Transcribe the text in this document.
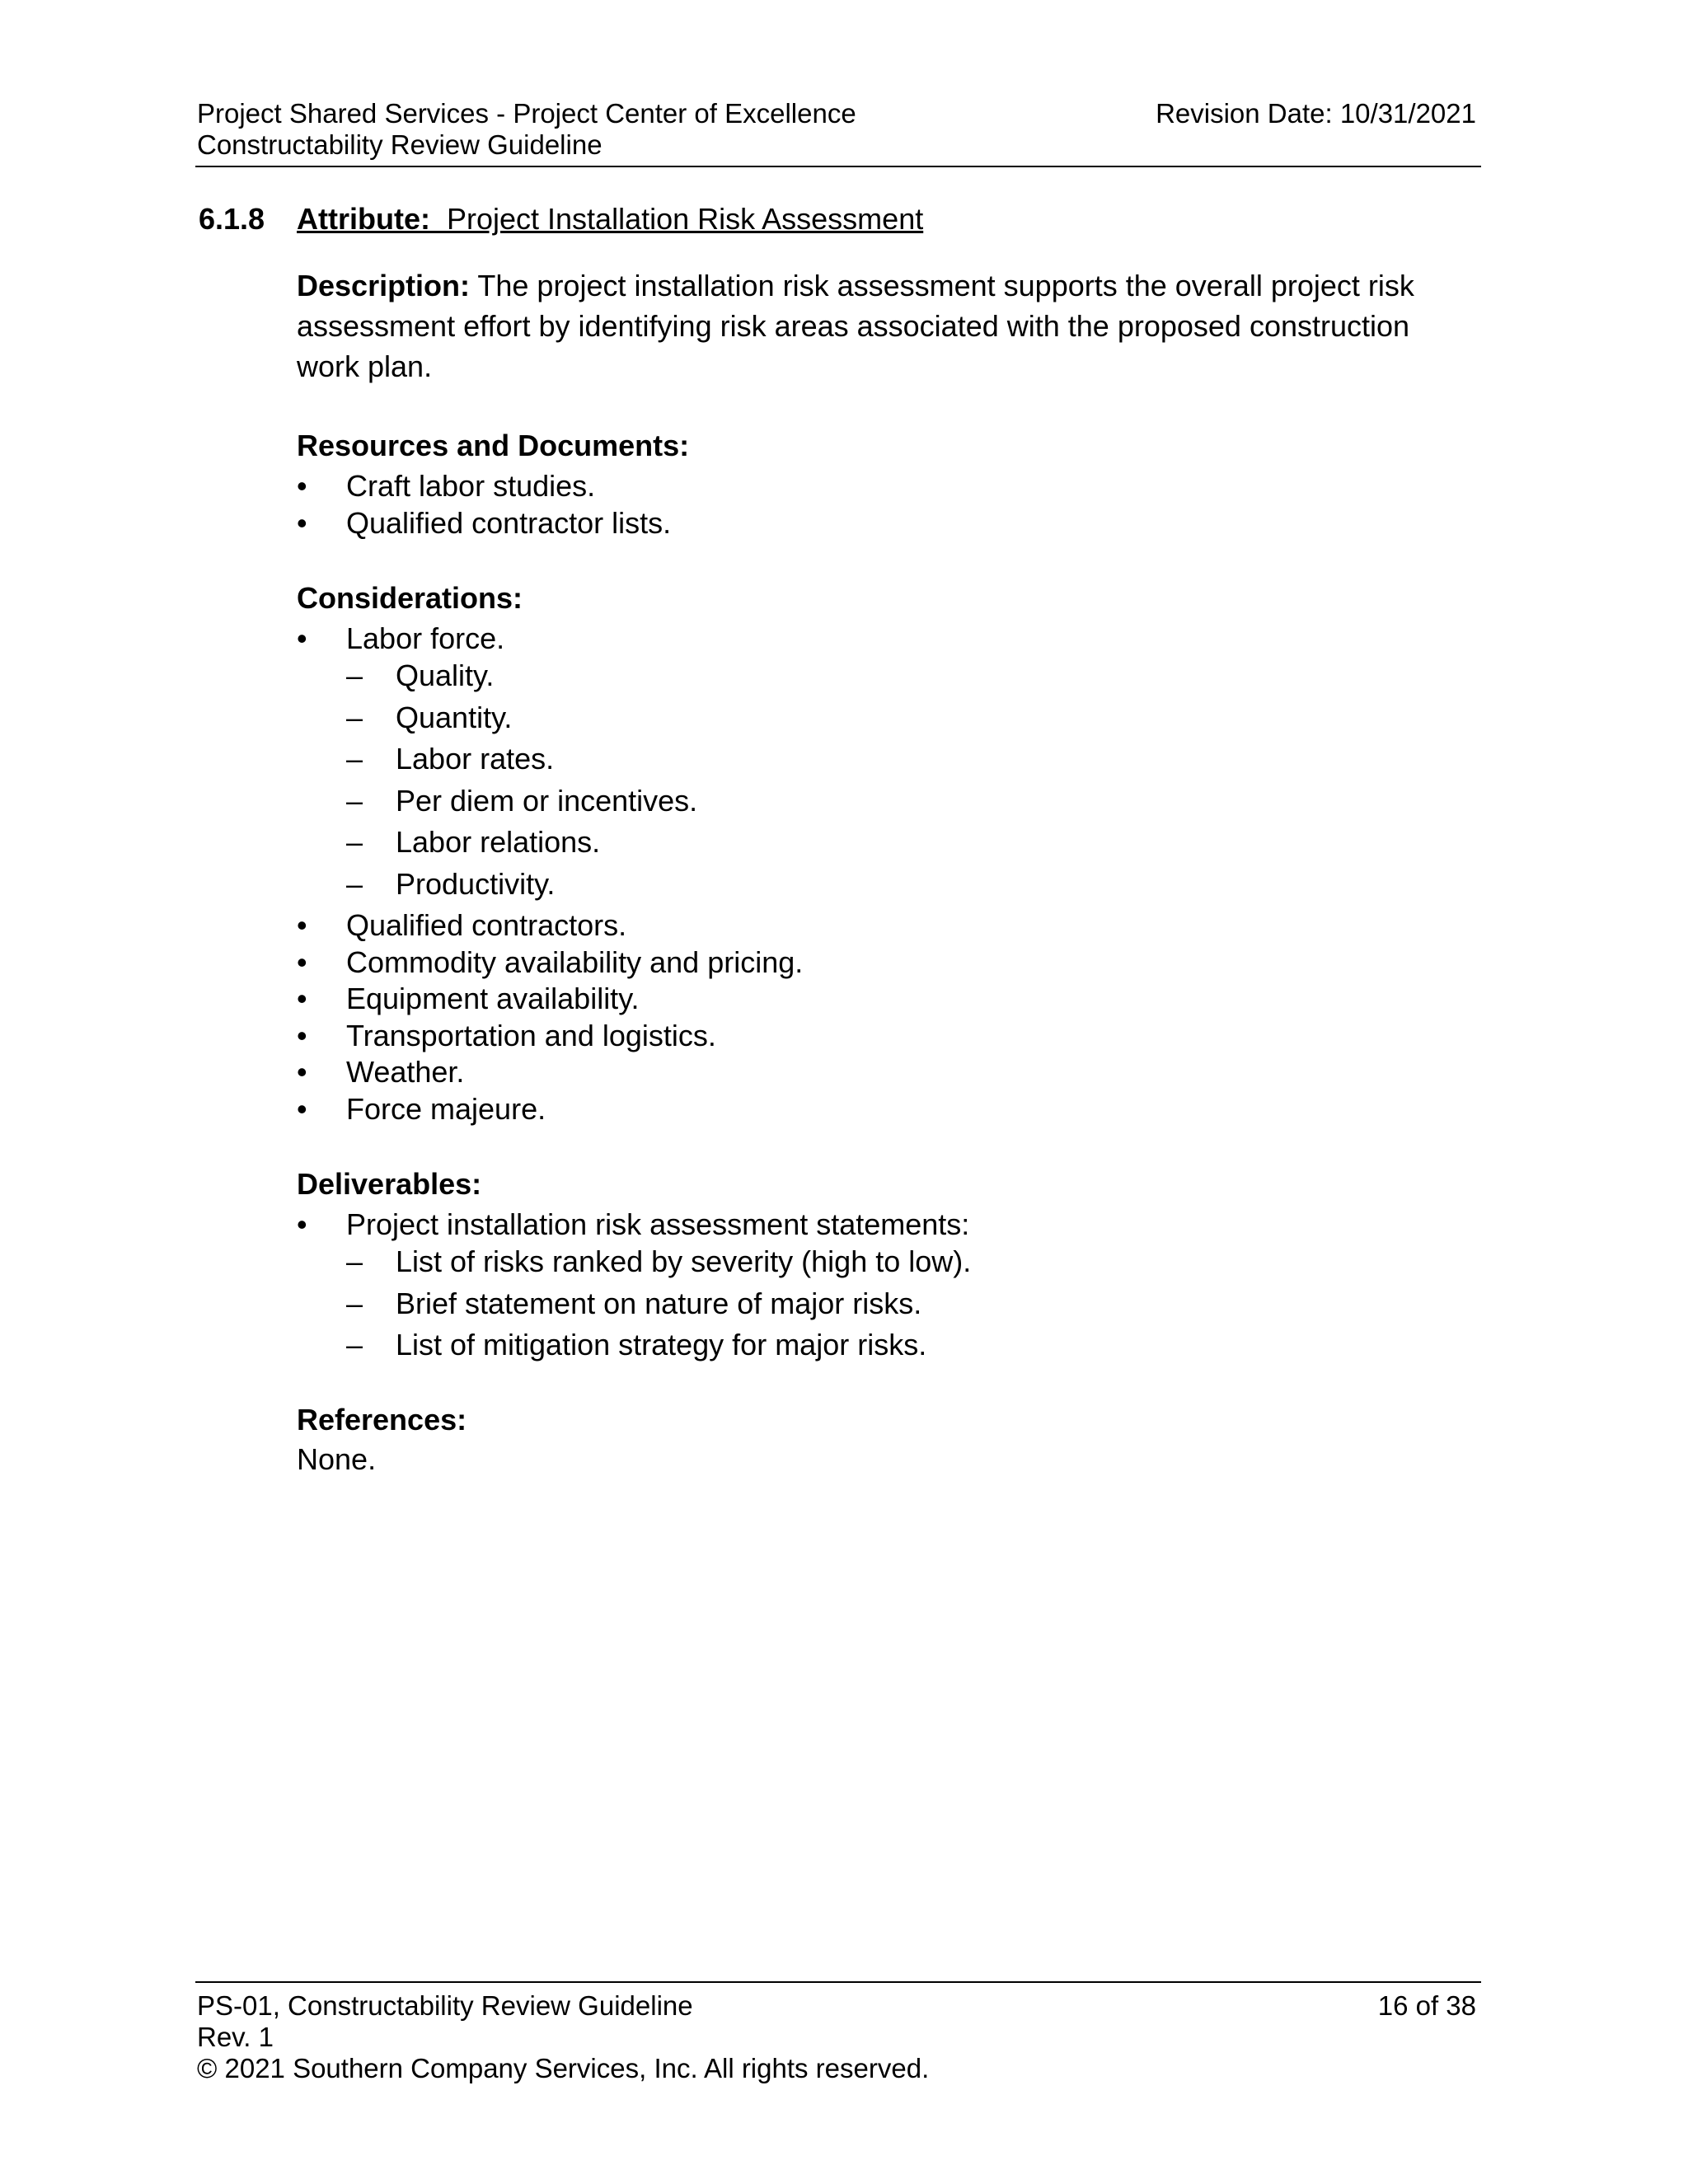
Project Shared Services - Project Center of Excellence
Constructability Review Guideline
Revision Date: 10/31/2021
6.1.8 Attribute: Project Installation Risk Assessment
Description: The project installation risk assessment supports the overall project risk assessment effort by identifying risk areas associated with the proposed construction work plan.
Resources and Documents:
• Craft labor studies.
• Qualified contractor lists.
Considerations:
• Labor force.
– Quality.
– Quantity.
– Labor rates.
– Per diem or incentives.
– Labor relations.
– Productivity.
• Qualified contractors.
• Commodity availability and pricing.
• Equipment availability.
• Transportation and logistics.
• Weather.
• Force majeure.
Deliverables:
• Project installation risk assessment statements:
– List of risks ranked by severity (high to low).
– Brief statement on nature of major risks.
– List of mitigation strategy for major risks.
References:
None.
PS-01, Constructability Review Guideline
Rev. 1
© 2021 Southern Company Services, Inc. All rights reserved.
16 of 38
